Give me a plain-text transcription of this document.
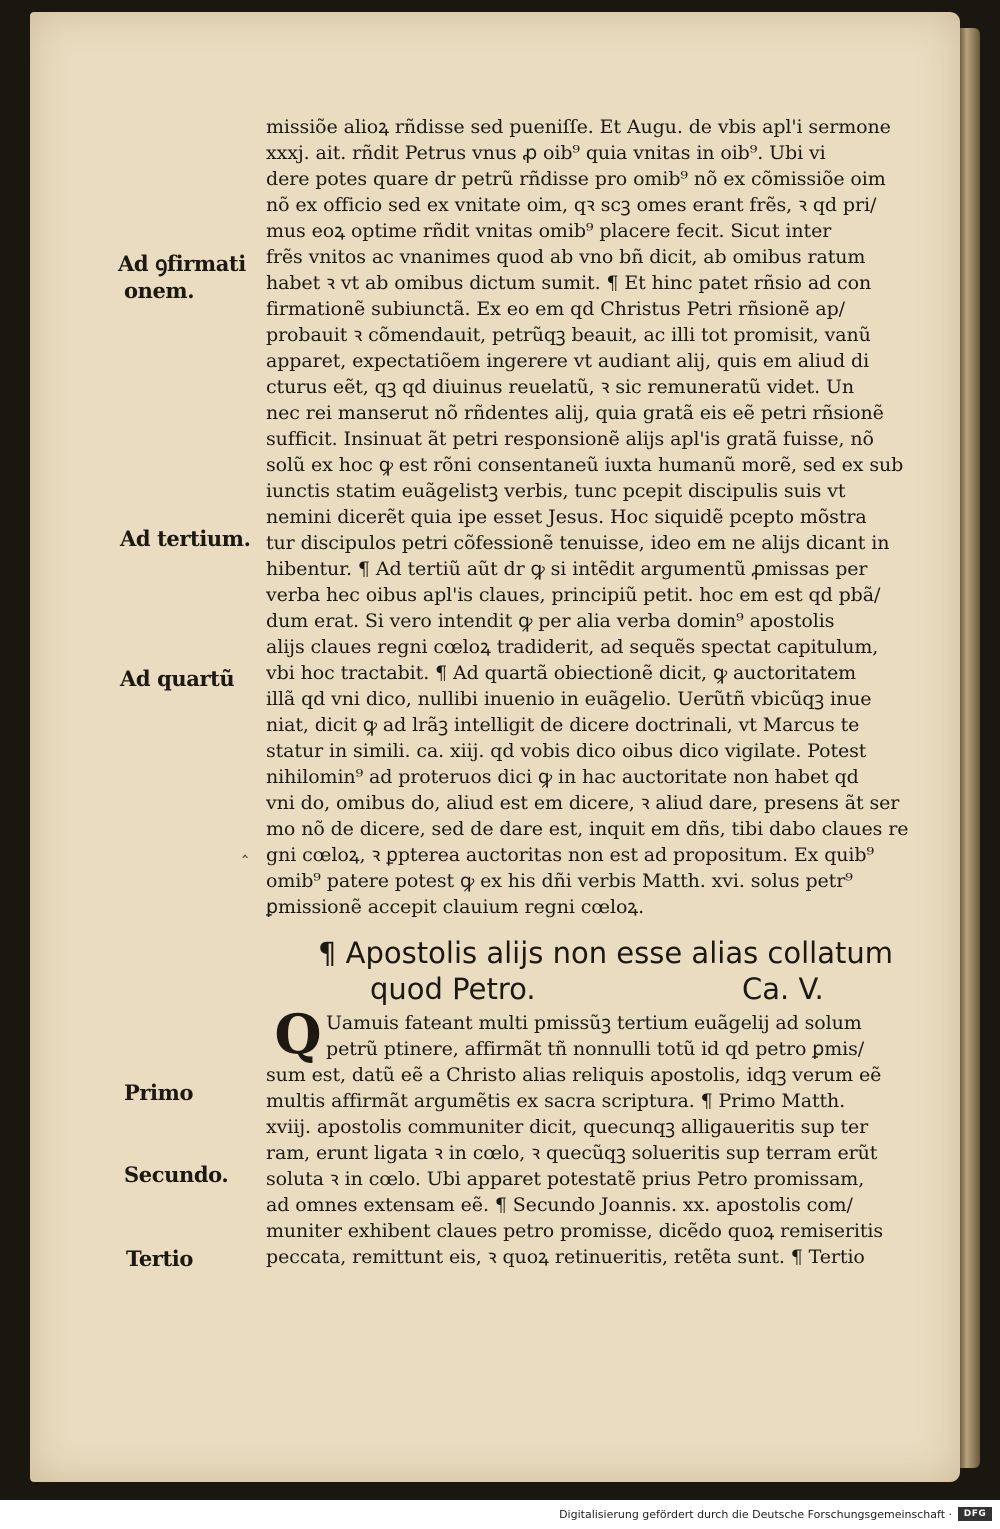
Ad ꝯfirmati
onem.
Ad tertium.
Ad quartũ
Primo
Secundo.
Tertio
‸
missiõe alioꝝ rñdisse sed pueniſſe. Et Augu. de vbis apl'i sermone
xxxj. ait. rñdit Petrus vnus ꝓ oib⁹ quia vnitas in oib⁹. Ubi vi
dere potes quare dr petrũ rñdisse pro omib⁹ nõ ex cõmissiõe oim
nõ ex officio sed ex vnitate oim, qꝛ scꝫ omes erant frẽs, ꝛ qd pri/
mus eoꝝ optime rñdit vnitas omib⁹ placere fecit. Sicut inter
frẽs vnitos ac vnanimes quod ab vno bñ dicit, ab omibus ratum
habet ꝛ vt ab omibus dictum sumit. ¶ Et hinc patet rñsio ad con
firmationẽ subiunctã. Ex eo em qd Christus Petri rñsionẽ ap/
probauit ꝛ cõmendauit, petrũqꝫ beauit, ac illi tot promisit, vanũ
apparet, expectatiõem ingerere vt audiant alij, quis em aliud di
cturus eẽt, qꝫ qd diuinus reuelatũ, ꝛ sic remuneratũ videt. Un
nec rei manserut nõ rñdentes alij, quia gratã eis eẽ petri rñsionẽ
sufficit. Insinuat ãt petri responsionẽ alijs apl'is gratã fuisse, nõ
solũ ex hoc ꝙ est rõni consentaneũ iuxta humanũ morẽ, sed ex sub
iunctis statim euãgelistꝫ verbis, tunc pcepit discipulis suis vt
nemini dicerẽt quia ipe esset Jesus. Hoc siquidẽ pcepto mõstra
tur discipulos petri cõfessionẽ tenuisse, ideo em ne alijs dicant in
hibentur. ¶ Ad tertiũ aũt dr ꝙ si intẽdit argumentũ ꝓmissas per
verba hec oibus apl'is claues, principiũ petit. hoc em est qd pbã/
dum erat. Si vero intendit ꝙ per alia verba domin⁹ apostolis
alijs claues regni cœloꝝ tradiderit, ad sequẽs spectat capitulum,
vbi hoc tractabit. ¶ Ad quartã obiectionẽ dicit, ꝙ auctoritatem
illã qd vni dico, nullibi inuenio in euãgelio. Uerũtñ vbicũqꝫ inue
niat, dicit ꝙ ad lrãꝫ intelligit de dicere doctrinali, vt Marcus te
statur in simili. ca. xiij. qd vobis dico oibus dico vigilate. Potest
nihilomin⁹ ad proteruos dici ꝙ in hac auctoritate non habet qd
vni do, omibus do, aliud est em dicere, ꝛ aliud dare, presens ãt ser
mo nõ de dicere, sed de dare est, inquit em dñs, tibi dabo claues re
gni cœloꝝ, ꝛ ꝑpterea auctoritas non est ad propositum. Ex quib⁹
omib⁹ patere potest ꝙ ex his dñi verbis Matth. xvi. solus petr⁹
ꝑmissionẽ accepit clauium regni cœloꝝ.
¶ Apostolis alijs non esse alias collatum
quod Petro.	Ca. V.
Q Uamuis fateant multi pmissũꝫ tertium euãgelij ad solum
petrũ ptinere, affirmãt tñ nonnulli totũ id qd petro ꝑmis/
sum est, datũ eẽ a Christo alias reliquis apostolis, idqꝫ verum eẽ
multis affirmãt argumẽtis ex sacra scriptura. ¶ Primo Matth.
xviij. apostolis communiter dicit, quecunqꝫ alligaueritis sup ter
ram, erunt ligata ꝛ in cœlo, ꝛ quecũqꝫ solueritis sup terram erũt
soluta ꝛ in cœlo. Ubi apparet potestatẽ prius Petro promissam,
ad omnes extensam eẽ. ¶ Secundo Joannis. xx. apostolis com/
muniter exhibent claues petro promisse, dicẽdo quoꝝ remiseritis
peccata, remittunt eis, ꝛ quoꝝ retinueritis, retẽta sunt. ¶ Tertio
Digitalisierung gefördert durch die Deutsche Forschungsgemeinschaft ·	DFG
